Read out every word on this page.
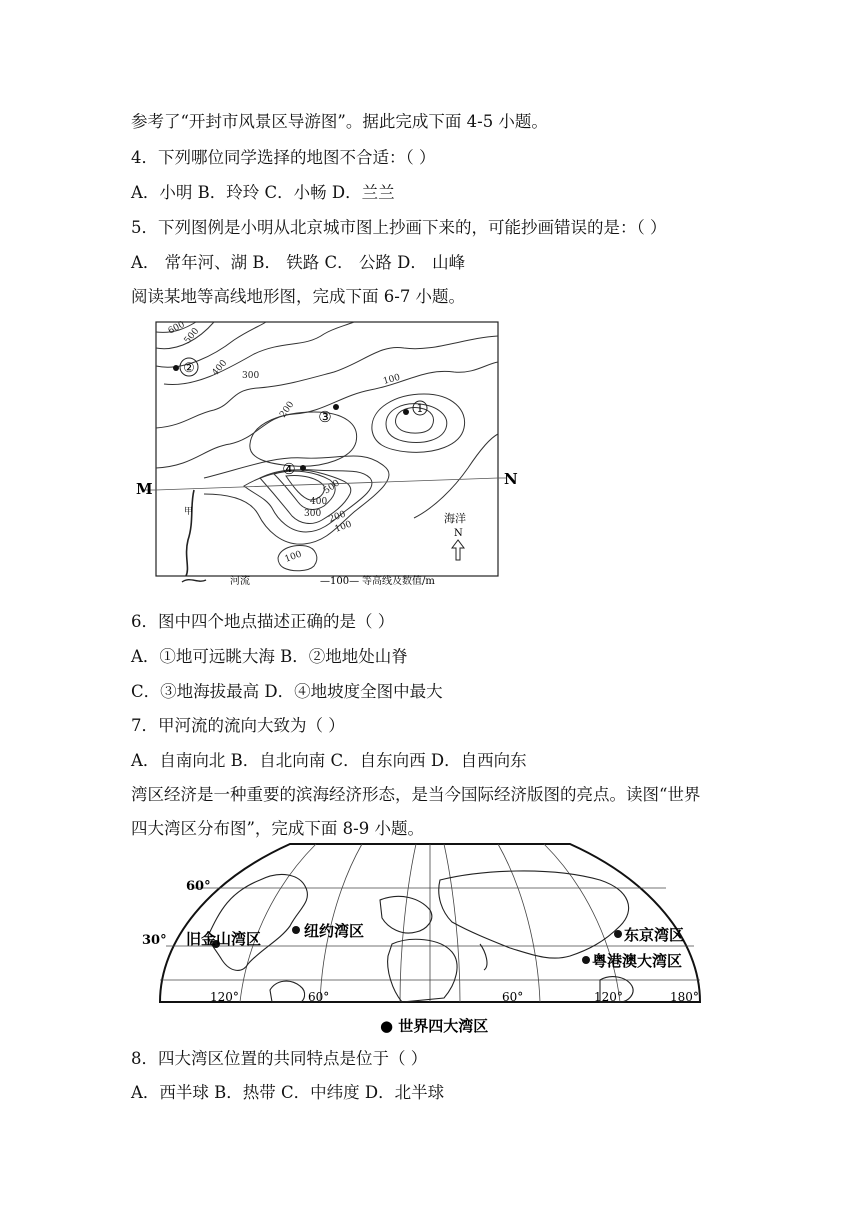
参考了“开封市风景区导游图”。据此完成下面 4-5 小题。
4．下列哪位同学选择的地图不合适：（ ）
A．小明 B．玲玲 C．小畅 D．兰兰
5．下列图例是小明从北京城市图上抄画下来的，可能抄画错误的是：（ ）
A． 常年河、湖 B． 铁路 C． 公路 D． 山峰
阅读某地等高线地形图，完成下面 6-7 小题。
②
③	1
④
600
500
400 300
200
100
500
400
300 200
100
100
M
N
甲	海洋
N
河流	—100— 等高线及数值/m
6．图中四个地点描述正确的是（ ）
A．①地可远眺大海 B．②地地处山脊
C．③地海拔最高 D．④地坡度全图中最大
7．甲河流的流向大致为（ ）
A．自南向北 B．自北向南 C．自东向西 D．自西向东
湾区经济是一种重要的滨海经济形态，是当今国际经济版图的亮点。读图“世界
四大湾区分布图”，完成下面 8-9 小题。
60°
30°
120°	60°	60°	120°	180°
旧金山湾区	纽约湾区	东京湾区
粤港澳大湾区
● 世界四大湾区
8．四大湾区位置的共同特点是位于（ ）
A．西半球 B．热带 C．中纬度 D．北半球
